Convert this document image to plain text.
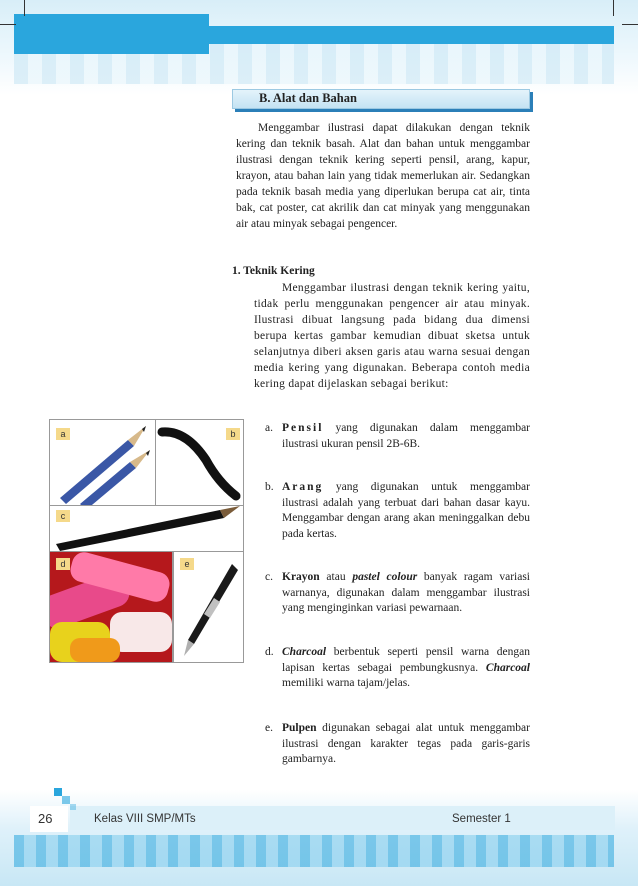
B. Alat dan Bahan
Menggambar ilustrasi dapat dilakukan dengan teknik kering dan teknik basah. Alat dan bahan untuk menggambar ilustrasi dengan teknik kering seperti pensil, arang, kapur, krayon, atau bahan lain yang tidak memerlukan air. Sedangkan pada teknik basah media yang diperlukan berupa cat air, tinta bak, cat poster, cat akrilik dan cat minyak yang menggunakan air atau minyak sebagai pengencer.
1. Teknik Kering
Menggambar ilustrasi dengan teknik kering yaitu, tidak perlu menggunakan pengencer air atau minyak. Ilustrasi dibuat langsung pada bidang dua dimensi berupa kertas gambar kemudian dibuat sketsa untuk selanjutnya diberi aksen garis atau warna sesuai dengan media kering yang digunakan. Beberapa contoh media kering dapat dijelaskan sebagai berikut:
a. Pensil yang digunakan dalam menggambar ilustrasi ukuran pensil 2B-6B.
b. Arang yang digunakan untuk menggambar ilustrasi adalah yang terbuat dari bahan dasar kayu. Menggambar dengan arang akan meninggalkan debu pada kertas.
c. Krayon atau pastel colour banyak ragam variasi warnanya, digunakan dalam menggambar ilustrasi yang menginginkan variasi pewarnaan.
d. Charcoal berbentuk seperti pensil warna dengan lapisan kertas sebagai pembungkusnya. Charcoal memiliki warna tajam/jelas.
e. Pulpen digunakan sebagai alat untuk menggambar ilustrasi dengan karakter tegas pada garis-garis gambarnya.
a	b
c
d	e
26	Kelas VIII SMP/MTs	Semester 1
